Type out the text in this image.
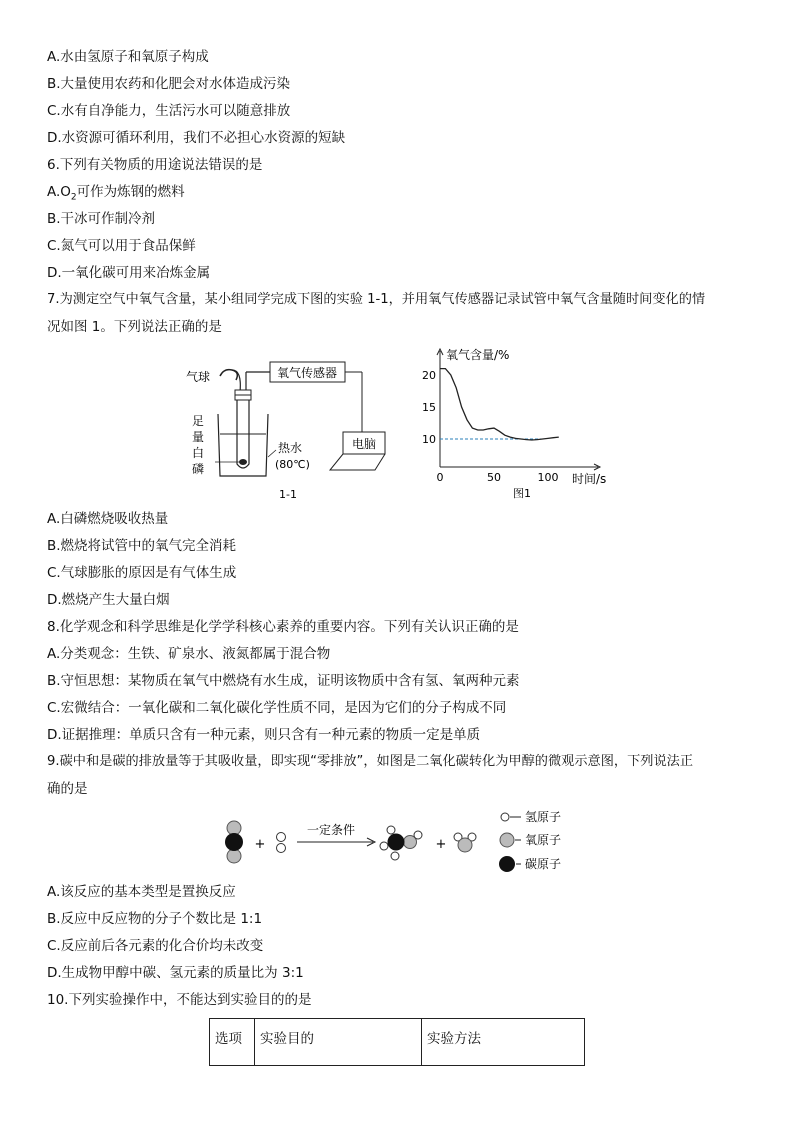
A.水由氢原子和氧原子构成
B.大量使用农药和化肥会对水体造成污染
C.水有自净能力，生活污水可以随意排放
D.水资源可循环利用，我们不必担心水资源的短缺
6.下列有关物质的用途说法错误的是
$A.O_2$可作为炼钢的燃料
B.干冰可作制冷剂
C.氮气可以用于食品保鲜
D.一氧化碳可用来冶炼金属
7.为测定空气中氧气含量，某小组同学完成下图的实验 1-1，并用氧气传感器记录试管中氧气含量随时间变化的情
况如图 1。下列说法正确的是
气球	氧气传感器
电脑
足
量
白
磷
热水
(80℃)
1-1
氧气含量/%
时间/s
0	50	100
10
15
20
图1
A.白磷燃烧吸收热量
B.燃烧将试管中的氧气完全消耗
C.气球膨胀的原因是有气体生成
D.燃烧产生大量白烟
8.化学观念和科学思维是化学学科核心素养的重要内容。下列有关认识正确的是
A.分类观念：生铁、矿泉水、液氮都属于混合物
B.守恒思想：某物质在氧气中燃烧有水生成，证明该物质中含有氢、氧两种元素
C.宏微结合：一氧化碳和二氧化碳化学性质不同，是因为它们的分子构成不同
D.证据推理：单质只含有一种元素，则只含有一种元素的物质一定是单质
9.碳中和是碳的排放量等于其吸收量，即实现“零排放”，如图是二氧化碳转化为甲醇的微观示意图，下列说法正
确的是
+
一定条件
+
氢原子
氧原子
碳原子
A.该反应的基本类型是置换反应
B.反应中反应物的分子个数比是 1:1
C.反应前后各元素的化合价均未改变
D.生成物甲醇中碳、氢元素的质量比为 3:1
10.下列实验操作中，不能达到实验目的的是
选项	实验目的	实验方法
